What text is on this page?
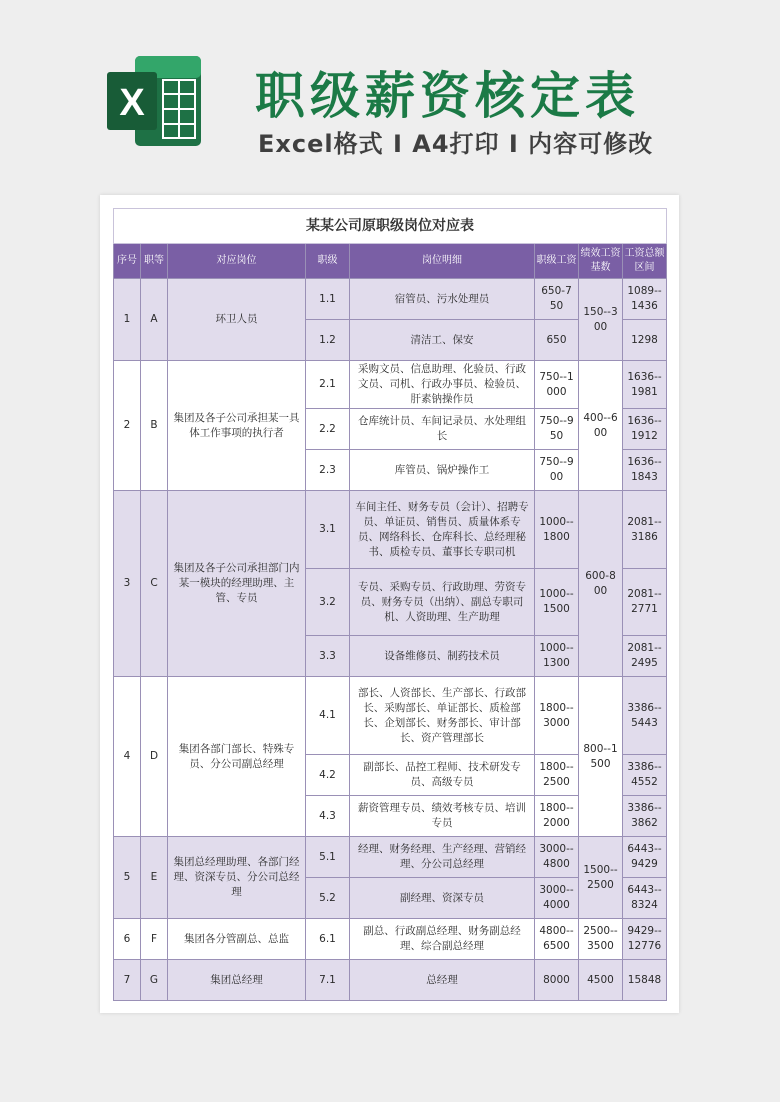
X 职级薪资核定表
Excel格式 I A4打印 I 内容可修改
某某公司原职级岗位对应表							
序号	职等	对应岗位	职级	岗位明细	职级工资	绩效工资基数	工资总额区间
1	A	环卫人员	1.1	宿管员、污水处理员	650-750	150--300	1089--1436
			1.2	清洁工、保安	650		1298
2	B	集团及各子公司承担某一具体工作事项的执行者	2.1	采购文员、信息助理、化验员、行政文员、司机、行政办事员、检验员、肝素钠操作员	750--1000	400--600	1636--1981
			2.2	仓库统计员、车间记录员、水处理组长	750--950		1636--1912
			2.3	库管员、锅炉操作工	750--900		1636--1843
3	C	集团及各子公司承担部门内某一模块的经理助理、主管、专员	3.1	车间主任、财务专员（会计）、招聘专员、单证员、销售员、质量体系专员、网络科长、仓库科长、总经理秘书、质检专员、董事长专职司机	1000--1800	600-800	2081--3186
			3.2	专员、采购专员、行政助理、劳资专员、财务专员（出纳）、副总专职司机、人资助理、生产助理	1000--1500		2081--2771
			3.3	设备维修员、制药技术员	1000--1300		2081--2495
4	D	集团各部门部长、特殊专员、分公司副总经理	4.1	部长、人资部长、生产部长、行政部长、采购部长、单证部长、质检部长、企划部长、财务部长、审计部长、资产管理部长	1800--3000	800--1500	3386--5443
			4.2	副部长、品控工程师、技术研发专员、高级专员	1800--2500		3386--4552
			4.3	薪资管理专员、绩效考核专员、培训专员	1800--2000		3386--3862
5	E	集团总经理助理、各部门经理、资深专员、分公司总经理	5.1	经理、财务经理、生产经理、营销经理、分公司总经理	3000--4800	1500--2500	6443--9429
			5.2	副经理、资深专员	3000--4000		6443--8324
6	F	集团各分管副总、总监	6.1	副总、行政副总经理、财务副总经理、综合副总经理	4800--6500	2500--3500	9429--12776
7	G	集团总经理	7.1	总经理	8000	4500	15848
